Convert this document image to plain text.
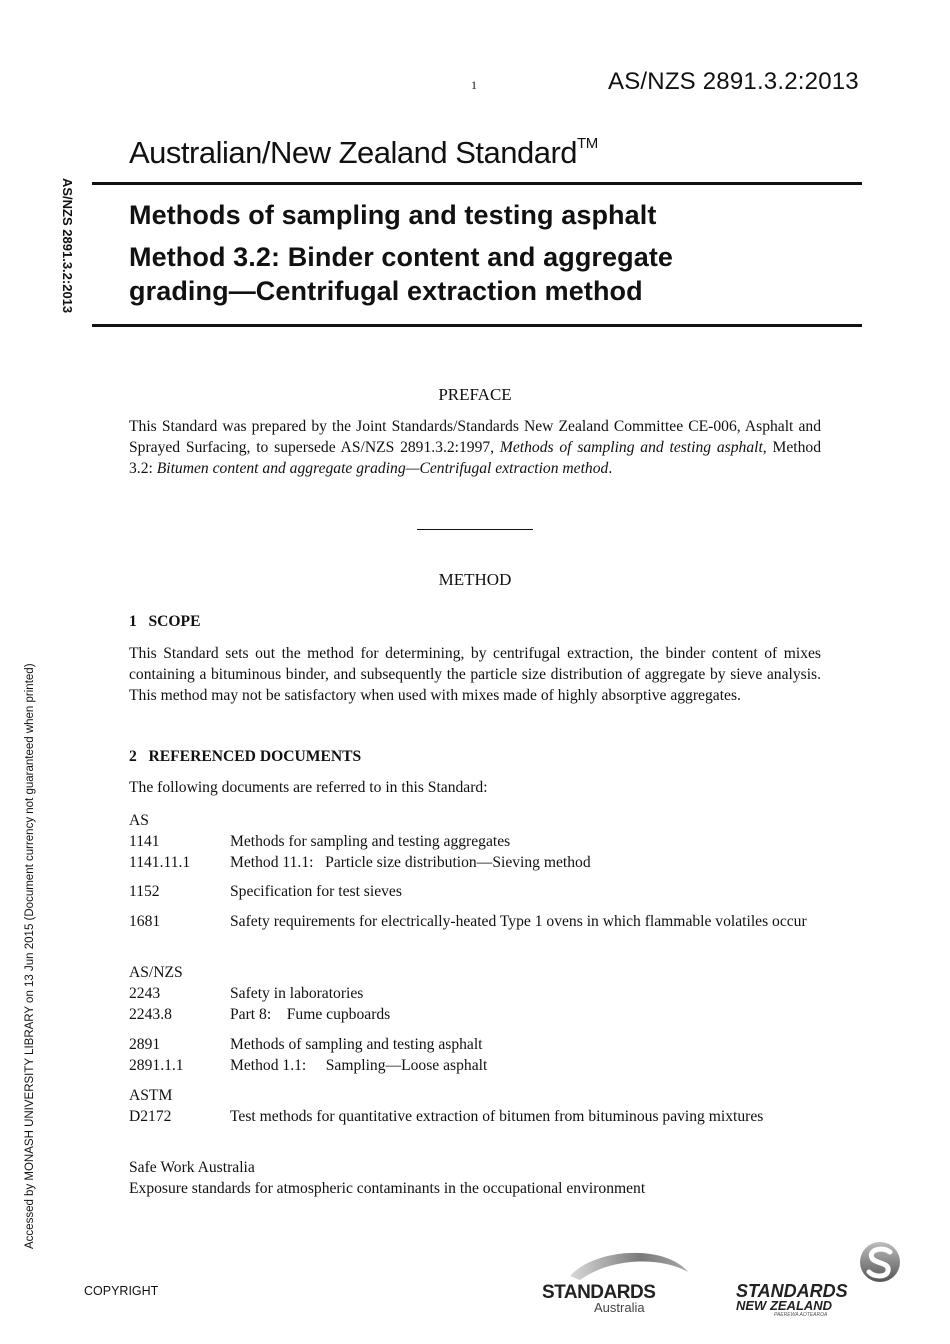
1	AS/NZS 2891.3.2:2013
Australian/New Zealand Standard™
Methods of sampling and testing asphalt
Method 3.2: Binder content and aggregate
grading—Centrifugal extraction method
AS/NZS 2891.3.2:2013
Accessed by MONASH UNIVERSITY LIBRARY on 13 Jun 2015 (Document currency not guaranteed when printed)
PREFACE
This Standard was prepared by the Joint Standards/Standards New Zealand Committee CE-006, Asphalt and Sprayed Surfacing, to supersede AS/NZS 2891.3.2:1997, Methods of sampling and testing asphalt, Method 3.2: Bitumen content and aggregate grading—Centrifugal extraction method.
METHOD
1   SCOPE
This Standard sets out the method for determining, by centrifugal extraction, the binder content of mixes containing a bituminous binder, and subsequently the particle size distribution of aggregate by sieve analysis. This method may not be satisfactory when used with mixes made of highly absorptive aggregates.
2   REFERENCED DOCUMENTS
The following documents are referred to in this Standard:
AS
1141	Methods for sampling and testing aggregates
1141.11.1	Method 11.1:   Particle size distribution—Sieving method
1152	Specification for test sieves
1681	Safety requirements for electrically-heated Type 1 ovens in which flammable volatiles occur
AS/NZS
2243	Safety in laboratories
2243.8	Part 8:    Fume cupboards
2891	Methods of sampling and testing asphalt
2891.1.1	Method 1.1:     Sampling—Loose asphalt
ASTM
D2172	Test methods for quantitative extraction of bitumen from bituminous paving mixtures
Safe Work Australia
Exposure standards for atmospheric contaminants in the occupational environment
COPYRIGHT	STANDARDS
Australia
STANDARDS
NEW ZEALAND
PAEREWA AOTEAROA
